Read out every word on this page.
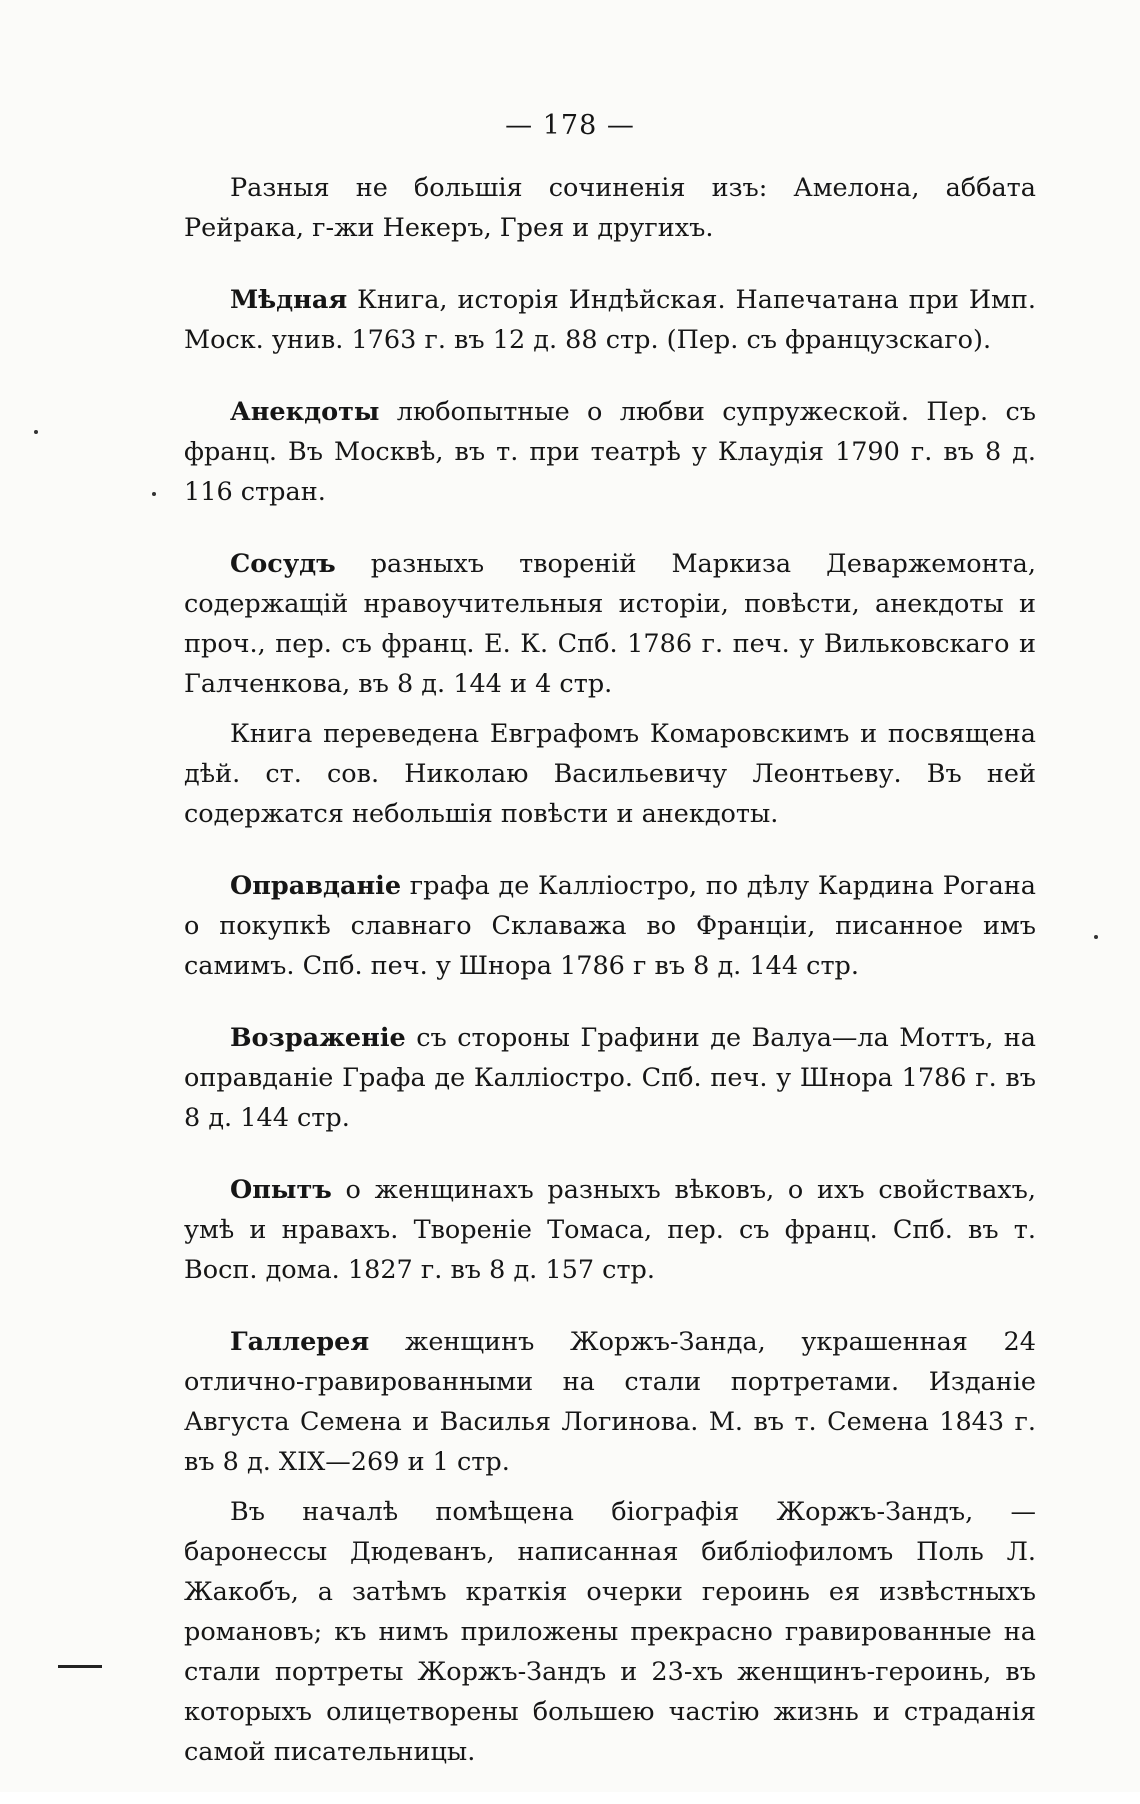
— 178 —

Разныя не большія сочиненія изъ: Амелона, аббата Рейрака, г-жи Некеръ, Грея и другихъ.

Мѣдная Книга, исторія Индѣйская. Напечатана при Имп. Моск. унив. 1763 г. въ 12 д. 88 стр. (Пер. съ французскаго).

Анекдоты любопытные о любви супружеской. Пер. съ франц. Въ Москвѣ, въ т. при театрѣ у Клаудія 1790 г. въ 8 д. 116 стран.

Сосудъ разныхъ твореній Маркиза Деваржемонта, содержащій нравоучительныя исторіи, повѣсти, анекдоты и проч., пер. съ франц. Е. К. Спб. 1786 г. печ. у Вильковскаго и Галченкова, въ 8 д. 144 и 4 стр.

Книга переведена Евграфомъ Комаровскимъ и посвящена дѣй. ст. сов. Николаю Васильевичу Леонтьеву. Въ ней содержатся небольшія повѣсти и анекдоты.

Оправданіе графа де Калліостро, по дѣлу Кардина Рогана о покупкѣ славнаго Склаважа во Франціи, писанное имъ самимъ. Спб. печ. у Шнора 1786 г въ 8 д. 144 стр.

Возраженіе съ стороны Графини де Валуа—ла Моттъ, на оправданіе Графа де Калліостро. Спб. печ. у Шнора 1786 г. въ 8 д. 144 стр.

Опытъ о женщинахъ разныхъ вѣковъ, о ихъ свойствахъ, умѣ и нравахъ. Твореніе Томаса, пер. съ франц. Спб. въ т. Восп. дома. 1827 г. въ 8 д. 157 стр.

Галлерея женщинъ Жоржъ-Занда, украшенная 24 отлично-гравированными на стали портретами. Изданіе Августа Семена и Василья Логинова. М. въ т. Семена 1843 г. въ 8 д. XIX—269 и 1 стр.

Въ началѣ помѣщена біографія Жоржъ-Зандъ, — баронессы Дюдеванъ, написанная библіофиломъ Поль Л. Жакобъ, а затѣмъ краткія очерки героинь ея извѣстныхъ романовъ; къ нимъ приложены прекрасно гравированные на стали портреты Жоржъ-Зандъ и 23-хъ женщинъ-героинь, въ которыхъ олицетворены большею частію жизнь и страданія самой писательницы.
